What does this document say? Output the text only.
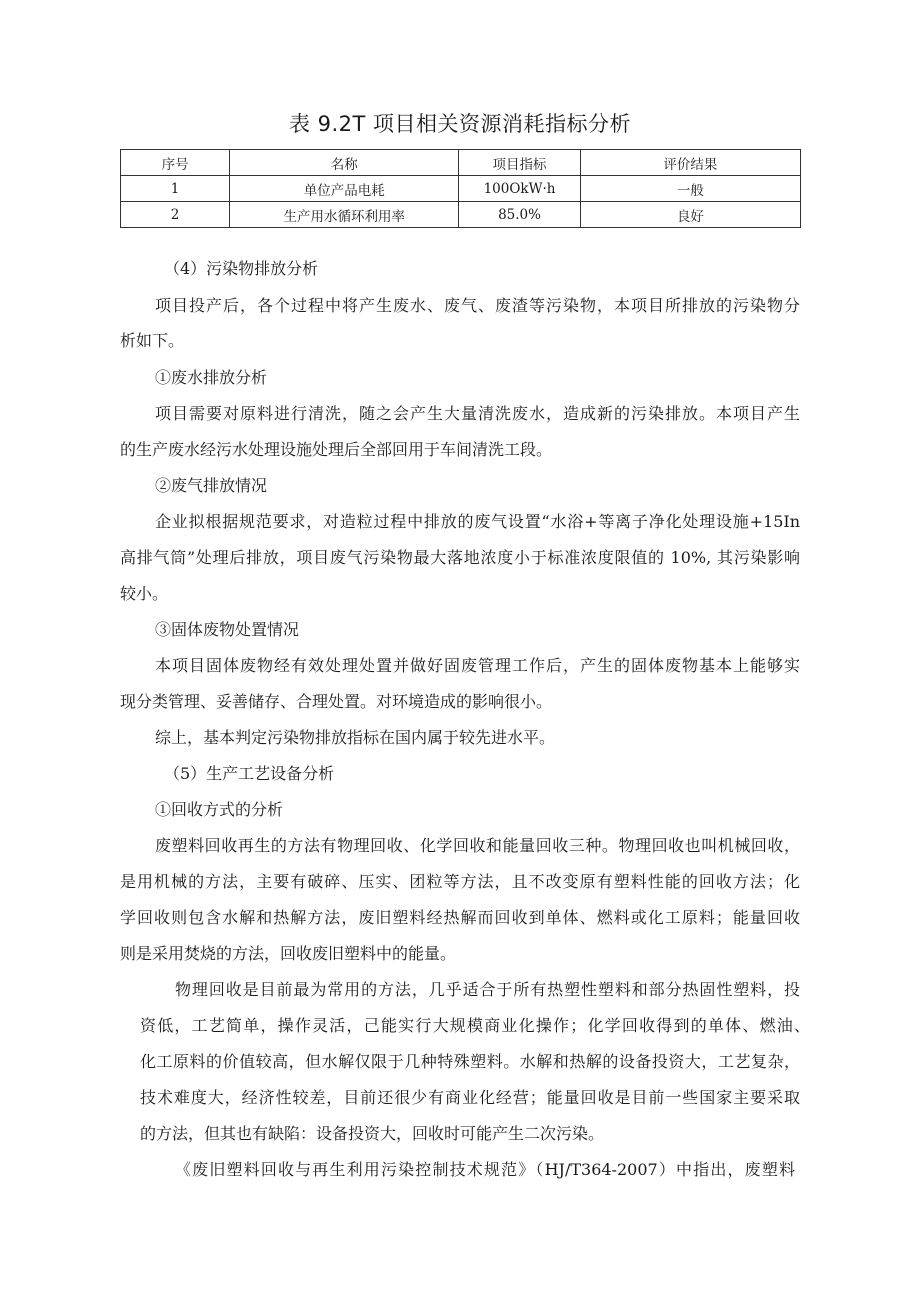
表 9.2T 项目相关资源消耗指标分析
序号	名称	项目指标	评价结果
1	单位产品电耗	100OkW·h	一般
2	生产用水循环利用率	85.0%	良好
（4）污染物排放分析
项目投产后，各个过程中将产生废水、废气、废渣等污染物，本项目所排放的污染物分
析如下。
①废水排放分析
项目需要对原料进行清洗，随之会产生大量清洗废水，造成新的污染排放。本项目产生
的生产废水经污水处理设施处理后全部回用于车间清洗工段。
②废气排放情况
企业拟根据规范要求，对造粒过程中排放的废气设置“水浴+等离子净化处理设施+15In
高排气筒”处理后排放，项目废气污染物最大落地浓度小于标准浓度限值的 10%, 其污染影响
较小。
③固体废物处置情况
本项目固体废物经有效处理处置并做好固废管理工作后，产生的固体废物基本上能够实
现分类管理、妥善储存、合理处置。对环境造成的影响很小。
综上，基本判定污染物排放指标在国内属于较先进水平。
（5）生产工艺设备分析
①回收方式的分析
废塑料回收再生的方法有物理回收、化学回收和能量回收三种。物理回收也叫机械回收，
是用机械的方法，主要有破碎、压实、团粒等方法，且不改变原有塑料性能的回收方法；化
学回收则包含水解和热解方法，废旧塑料经热解而回收到单体、燃料或化工原料；能量回收
则是采用焚烧的方法，回收废旧塑料中的能量。
物理回收是目前最为常用的方法，几乎适合于所有热塑性塑料和部分热固性塑料，投
资低，工艺简单，操作灵活，己能实行大规模商业化操作；化学回收得到的单体、燃油、
化工原料的价值较高，但水解仅限于几种特殊塑料。水解和热解的设备投资大，工艺复杂，
技术难度大，经济性较差，目前还很少有商业化经营；能量回收是目前一些国家主要采取
的方法，但其也有缺陷：设备投资大，回收时可能产生二次污染。
《废旧塑料回收与再生利用污染控制技术规范》（HJ/T364-2007）中指出，废塑料
